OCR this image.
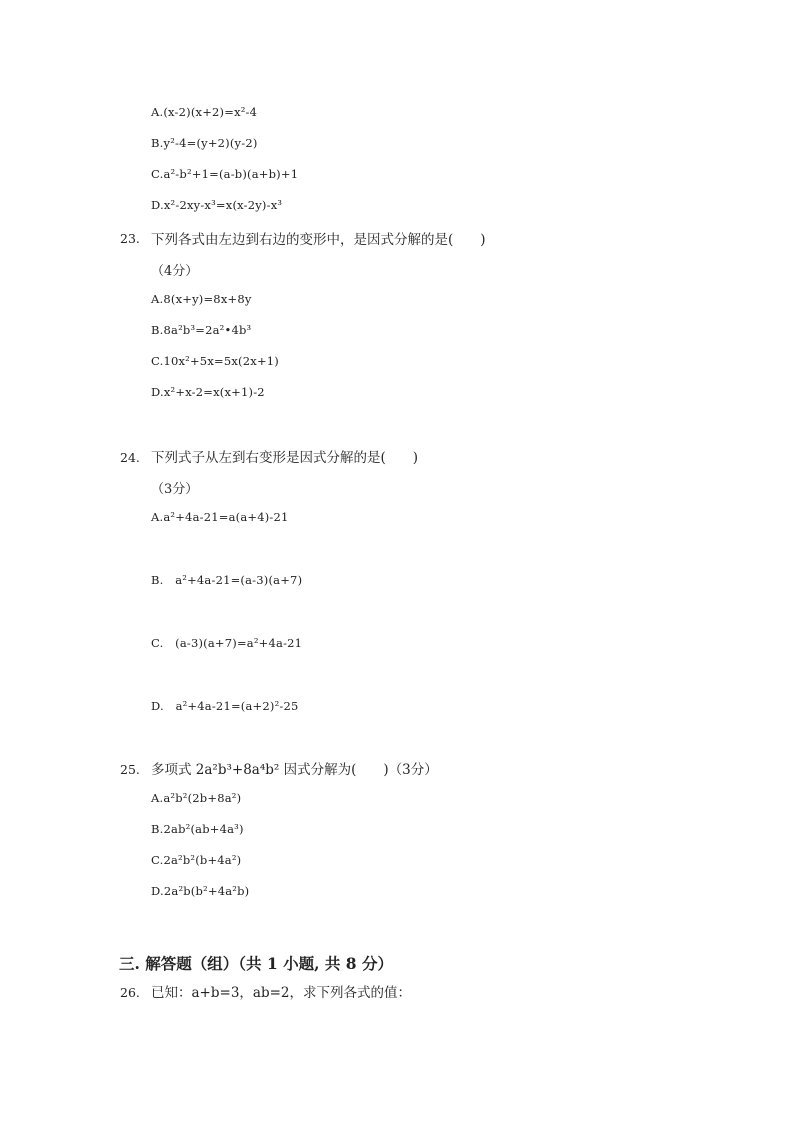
A.(x-2)(x+2)=x²-4
B.y²-4=(y+2)(y-2)
C.a²-b²+1=(a-b)(a+b)+1
D.x²-2xy-x³=x(x-2y)-x³
23. 下列各式由左边到右边的变形中，是因式分解的是(　　)
（4分）
A.8(x+y)=8x+8y
B.8a²b³=2a²•4b³
C.10x²+5x=5x(2x+1)
D.x²+x-2=x(x+1)-2
24. 下列式子从左到右变形是因式分解的是(　　)
（3分）
A.a²+4a-21=a(a+4)-21
B.　a²+4a-21=(a-3)(a+7)
C.　(a-3)(a+7)=a²+4a-21
D.　a²+4a-21=(a+2)²-25
25. 多项式 2a²b³+8a⁴b² 因式分解为(　　)（3分）
A.a²b²(2b+8a²)
B.2ab²(ab+4a³)
C.2a²b²(b+4a²)
D.2a²b(b²+4a²b)
三. 解答题（组）（共 1 小题, 共 8 分）
26. 已知：a+b=3，ab=2，求下列各式的值：
